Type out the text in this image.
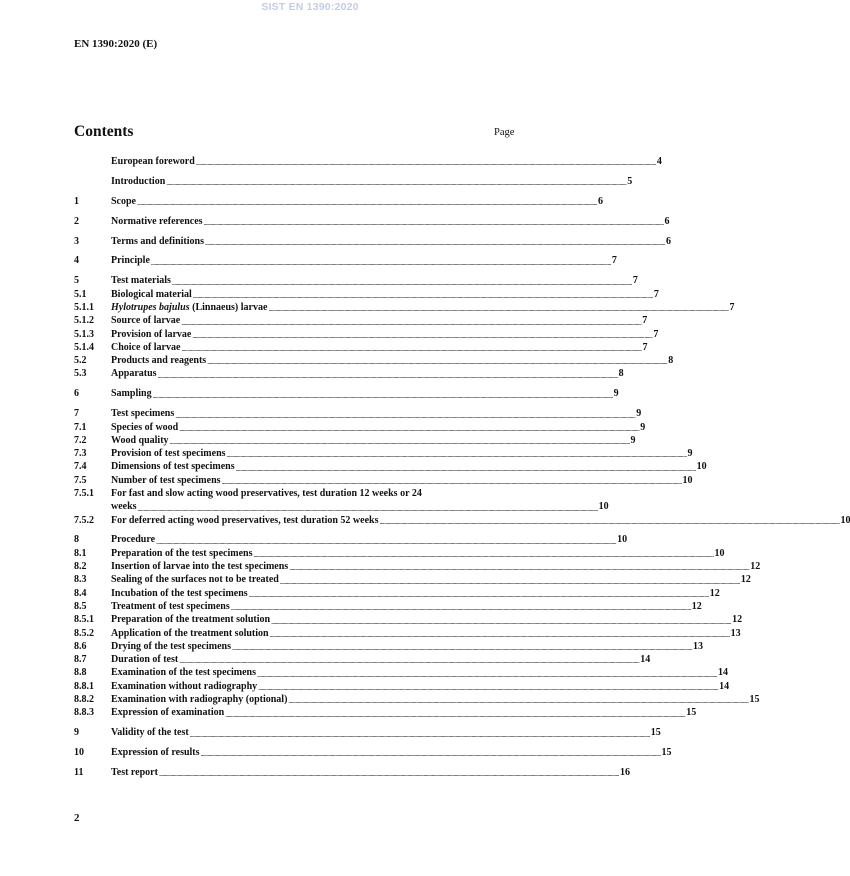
SIST EN 1390:2020
EN 1390:2020 (E)
Contents	Page
European foreword ................................................................................................................................................................................................................................................................................................................................................................................................................ 4
Introduction ................................................................................................................................................................................................................................................................................................................................................................................................................ 5
1	Scope ................................................................................................................................................................................................................................................................................................................................................................................................................ 6
2	Normative references ................................................................................................................................................................................................................................................................................................................................................................................................................ 6
3	Terms and definitions ................................................................................................................................................................................................................................................................................................................................................................................................................ 6
4	Principle ................................................................................................................................................................................................................................................................................................................................................................................................................ 7
5	Test materials ................................................................................................................................................................................................................................................................................................................................................................................................................ 7
5.1	Biological material ................................................................................................................................................................................................................................................................................................................................................................................................................ 7
5.1.1	Hylotrupes bajulus (Linnaeus) larvae ................................................................................................................................................................................................................................................................................................................................................................................................................ 7
5.1.2	Source of larvae ................................................................................................................................................................................................................................................................................................................................................................................................................ 7
5.1.3	Provision of larvae ................................................................................................................................................................................................................................................................................................................................................................................................................ 7
5.1.4	Choice of larvae ................................................................................................................................................................................................................................................................................................................................................................................................................ 7
5.2	Products and reagents ................................................................................................................................................................................................................................................................................................................................................................................................................ 8
5.3	Apparatus ................................................................................................................................................................................................................................................................................................................................................................................................................ 8
6	Sampling ................................................................................................................................................................................................................................................................................................................................................................................................................ 9
7	Test specimens ................................................................................................................................................................................................................................................................................................................................................................................................................ 9
7.1	Species of wood ................................................................................................................................................................................................................................................................................................................................................................................................................ 9
7.2	Wood quality ................................................................................................................................................................................................................................................................................................................................................................................................................ 9
7.3	Provision of test specimens ................................................................................................................................................................................................................................................................................................................................................................................................................ 9
7.4	Dimensions of test specimens ................................................................................................................................................................................................................................................................................................................................................................................................................ 10
7.5	Number of test specimens ................................................................................................................................................................................................................................................................................................................................................................................................................ 10
7.5.1	For fast and slow acting wood preservatives, test duration 12 weeks or 24
weeks ................................................................................................................................................................................................................................................................................................................................................................................................................ 10
7.5.2	For deferred acting wood preservatives, test duration 52 weeks ................................................................................................................................................................................................................................................................................................................................................................................................................ 10
8	Procedure ................................................................................................................................................................................................................................................................................................................................................................................................................ 10
8.1	Preparation of the test specimens ................................................................................................................................................................................................................................................................................................................................................................................................................ 10
8.2	Insertion of larvae into the test specimens ................................................................................................................................................................................................................................................................................................................................................................................................................ 12
8.3	Sealing of the surfaces not to be treated ................................................................................................................................................................................................................................................................................................................................................................................................................ 12
8.4	Incubation of the test specimens ................................................................................................................................................................................................................................................................................................................................................................................................................ 12
8.5	Treatment of test specimens ................................................................................................................................................................................................................................................................................................................................................................................................................ 12
8.5.1	Preparation of the treatment solution ................................................................................................................................................................................................................................................................................................................................................................................................................ 12
8.5.2	Application of the treatment solution ................................................................................................................................................................................................................................................................................................................................................................................................................ 13
8.6	Drying of the test specimens ................................................................................................................................................................................................................................................................................................................................................................................................................ 13
8.7	Duration of test ................................................................................................................................................................................................................................................................................................................................................................................................................ 14
8.8	Examination of the test specimens ................................................................................................................................................................................................................................................................................................................................................................................................................ 14
8.8.1	Examination without radiography ................................................................................................................................................................................................................................................................................................................................................................................................................ 14
8.8.2	Examination with radiography (optional) ................................................................................................................................................................................................................................................................................................................................................................................................................ 15
8.8.3	Expression of examination ................................................................................................................................................................................................................................................................................................................................................................................................................ 15
9	Validity of the test ................................................................................................................................................................................................................................................................................................................................................................................................................ 15
10	Expression of results ................................................................................................................................................................................................................................................................................................................................................................................................................ 15
11	Test report ................................................................................................................................................................................................................................................................................................................................................................................................................ 16
2
